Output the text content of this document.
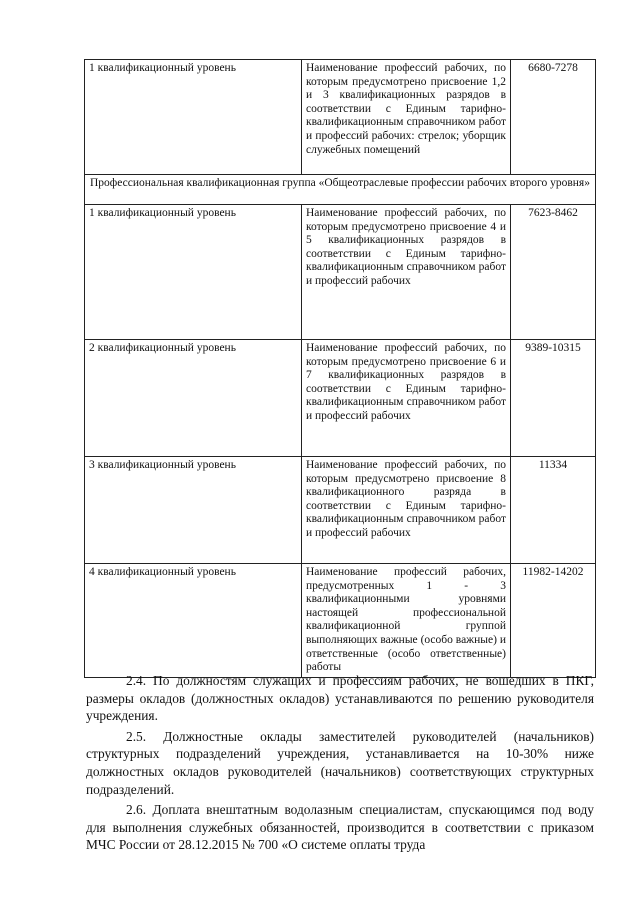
1 квалификационный уровень	Наименование профессий рабочих, по которым предусмотрено присвоение 1,2 и 3 квалификационных разрядов в соответствии с Единым тарифно-квалификационным справочником работ и профессий рабочих: стрелок; уборщик служебных помещений	6680-7278
Профессиональная квалификационная группа «Общеотраслевые профессии рабочих второго уровня»		
1 квалификационный уровень	Наименование профессий рабочих, по которым предусмотрено присвоение 4 и 5 квалификационных разрядов в соответствии с Единым тарифно-квалификационным справочником работ и профессий рабочих	7623-8462
2 квалификационный уровень	Наименование профессий рабочих, по которым предусмотрено присвоение 6 и 7 квалификационных разрядов в соответствии с Единым тарифно-квалификационным справочником работ и профессий рабочих	9389-10315
3 квалификационный уровень	Наименование профессий рабочих, по которым предусмотрено присвоение 8 квалификационного разряда в соответствии с Единым тарифно-квалификационным справочником работ и профессий рабочих	11334
4 квалификационный уровень	Наименование профессий рабочих, предусмотренных 1 - 3 квалификационными уровнями настоящей профессиональной квалификационной группой выполняющих важные (особо важные) и ответственные (особо ответственные) работы	11982-14202

2.4. По должностям служащих и профессиям рабочих, не вошедших в ПКГ, размеры окладов (должностных окладов) устанавливаются по решению руководителя учреждения.

2.5. Должностные оклады заместителей руководителей (начальников) структурных подразделений учреждения, устанавливается на 10-30% ниже должностных окладов руководителей (начальников) соответствующих структурных подразделений.

2.6. Доплата внештатным водолазным специалистам, спускающимся под воду для выполнения служебных обязанностей, производится в соответствии с приказом МЧС России от 28.12.2015 № 700 «О системе оплаты труда
